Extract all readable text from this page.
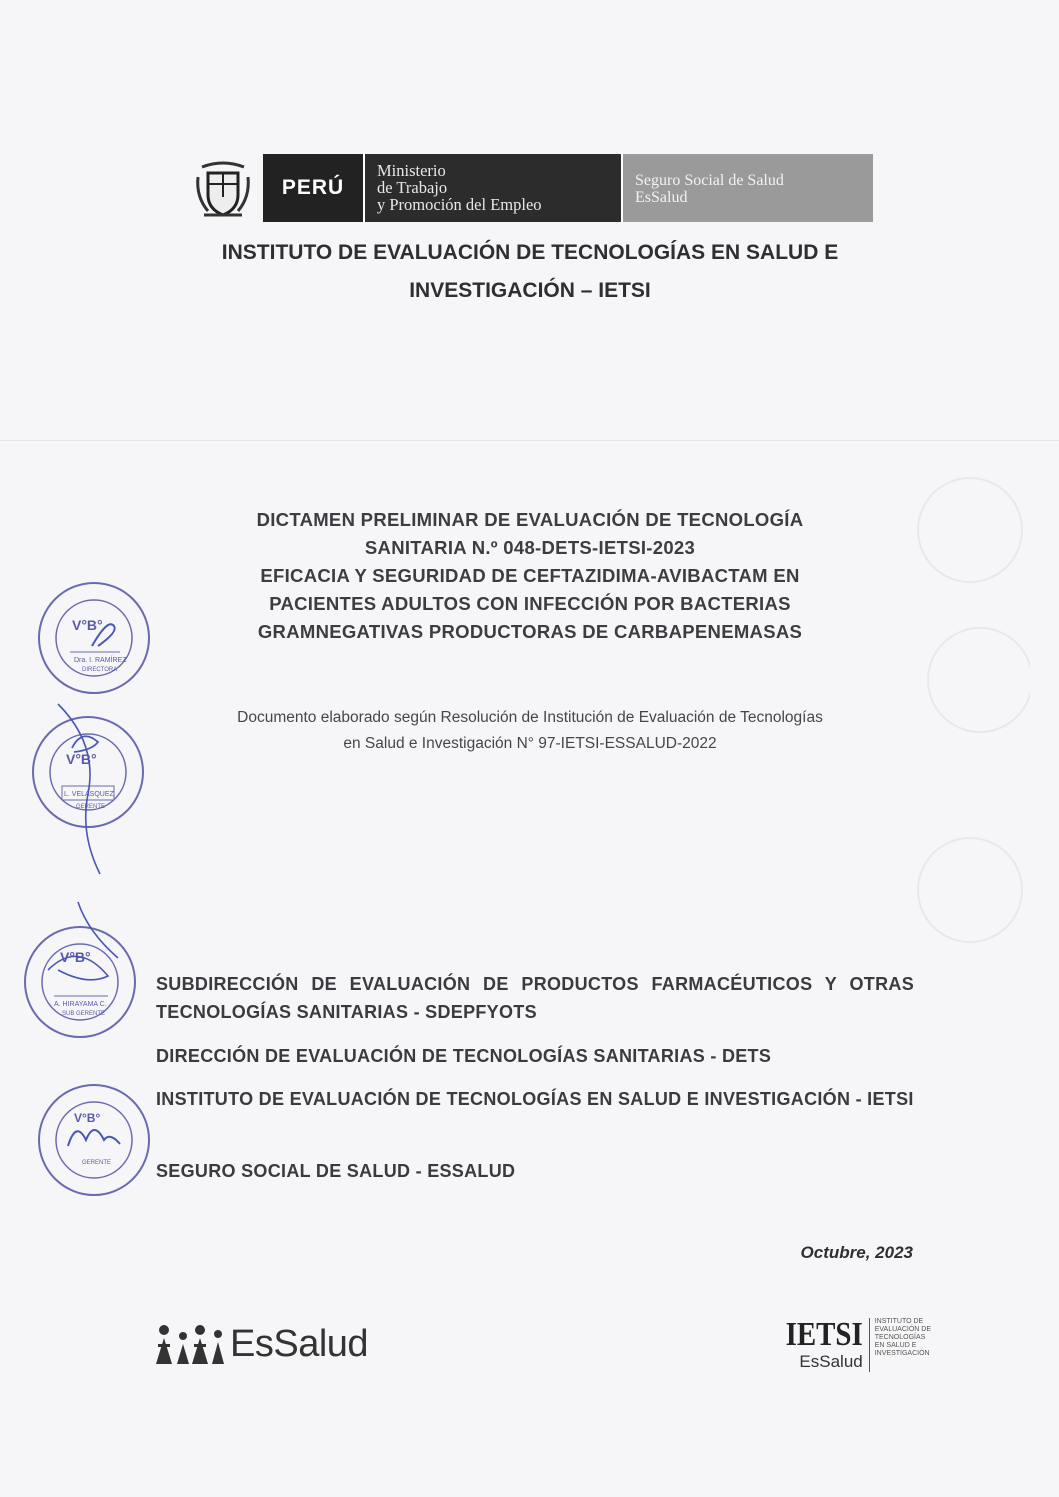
PERÚ
Ministerio
de Trabajo
y Promoción del Empleo
Seguro Social de Salud
EsSalud
INSTITUTO DE EVALUACIÓN DE TECNOLOGÍAS EN SALUD E
INVESTIGACIÓN – IETSI
DICTAMEN PRELIMINAR DE EVALUACIÓN DE TECNOLOGÍA
SANITARIA N.º 048-DETS-IETSI-2023
EFICACIA Y SEGURIDAD DE CEFTAZIDIMA-AVIBACTAM EN
PACIENTES ADULTOS CON INFECCIÓN POR BACTERIAS
GRAMNEGATIVAS PRODUCTORAS DE CARBAPENEMASAS
Documento elaborado según Resolución de Institución de Evaluación de Tecnologías
en Salud e Investigación N° 97-IETSI-ESSALUD-2022
SUBDIRECCIÓN DE EVALUACIÓN DE PRODUCTOS FARMACÉUTICOS Y OTRAS TECNOLOGÍAS SANITARIAS - SDEPFYOTS
DIRECCIÓN DE EVALUACIÓN DE TECNOLOGÍAS SANITARIAS - DETS
INSTITUTO DE EVALUACIÓN DE TECNOLOGÍAS EN SALUD E INVESTIGACIÓN - IETSI
SEGURO SOCIAL DE SALUD - ESSALUD
Octubre, 2023
V°B°
Dra. I. RAMÍREZ
DIRECTORA
V°B°
L. VELÁSQUEZ
GERENTE
V°B°
A. HIRAYAMA C.
SUB GERENTE
V°B°
GERENTE
EsSalud	IETSI
EsSalud
INSTITUTO DE EVALUACIÓN DE TECNOLOGÍAS EN SALUD E INVESTIGACIÓN
